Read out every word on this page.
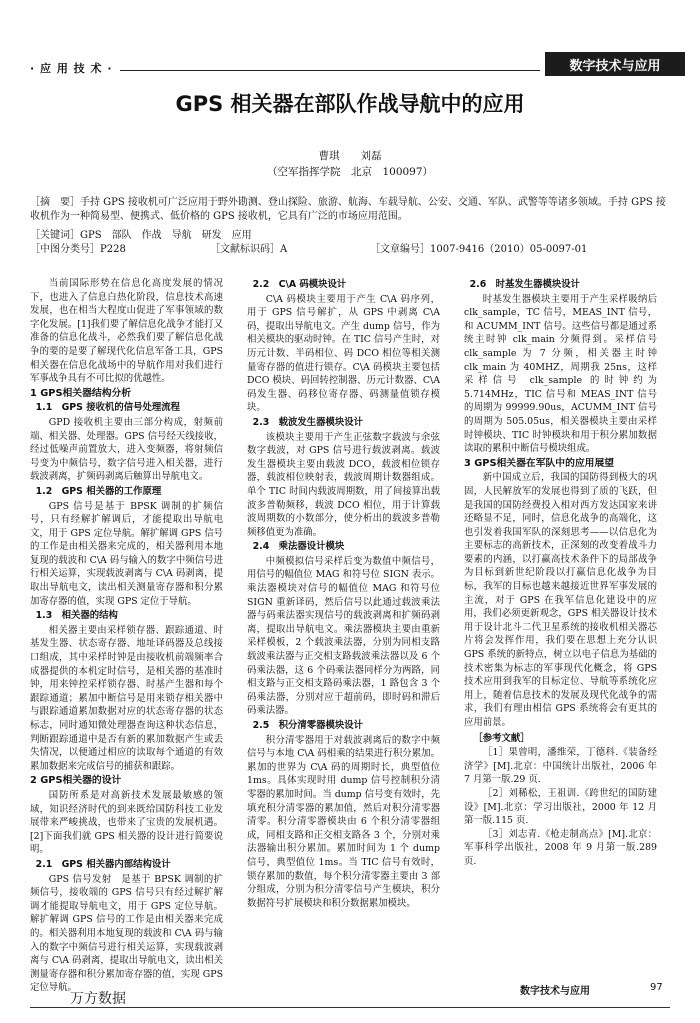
· 应 用 技 术 ·	数字技术与应用
GPS 相关器在部队作战导航中的应用
曹琪　　刘磊
（空军指挥学院　北京　100097）
［摘　要］手持 GPS 接收机可广泛应用于野外勘测、登山探险、旅游、航海、车载导航、公安、交通、军队、武警等等诸多领域。手持 GPS 接收机作为一种简易型、便携式、低价格的 GPS 接收机，它具有广泛的市场应用范围。
［关键词］GPS　部队　作战　导航　研发　应用
［中图分类号］P228	［文献标识码］A	［文章编号］1007-9416（2010）05-0097-01

当前国际形势在信息化高度发展的情况下，也进入了信息白热化阶段，信息技术高速发展，也在相当大程度山促进了军事领域的数字化发展。[1]我们要了解信息化战争才能打又准备的信息化战斗，必然我们要了解信息化战争的要的是要了解现代化信息军备工具，GPS 相关器在信息化战场中的导航作用对我们进行军事战争具有不可比拟的优越性。

1 GPS相关器结构分析
1.1　GPS 接收机的信号处理流程

GPD 接收机主要由三部分构成，射频前端、相关器、处理器。GPS 信号经天线接收，经过低噪声前置放大，进入变频器，将射频信号变为中频信号，数字信号进入相关器，进行载波剥离，扩频码剥离后触算出导航电文。

1.2　GPS 相关器的工作原理

GPS 信号是基于 BPSK 调制的扩频信号，只有经解扩解调后，才能提取出导航电文，用于 GPS 定位导航。解扩解调 GPS 信号的工作是由相关器来完成的，相关器利用本地复现的载波和 C\A 码与输入的数字中频信号进行相关运算，实现载波剥离与 C\A 码剥离，提取出导航电文，读出相关测量寄存器和积分累加寄存器的值，实现 GPS 定位于导航。

1.3　相关器的结构

相关器主要由采样锁存器、跟踪通道、时基发生器、状态寄存器、地址译码器及总线接口组成，其中采样时钟是由接收机前端频率合成器提供的本机定时信号，是相关器的基准时钟，用来钟控采样锁存器、时基产生器和每个跟踪通道；累加中断信号是用来锁存相关器中与跟踪通道累加数据对应的状态寄存器的状态标志，同时通知微处理器查询这种状态信息，判断跟踪通道中是否有新的累加数据产生或丢失情况，以便通过相应的读取每个通道的有效累加数据来完成信号的捕获和跟踪。

2 GPS相关器的设计

国防所系是对高新技术发展最敏感的领域，知识经济时代的到来既给国防科技工业发展带来严峻挑战，也带来了宝贵的发展机遇。[2]下面我们就 GPS 相关器的设计进行简要说明。

2.1　GPS 相关器内部结构设计

GPS 信号发射　是基于 BPSK 调制的扩频信号，接收端的 GPS 信号只有经过解扩解调才能提取导航电文，用于 GPS 定位导航。解扩解调 GPS 信号的工作是由相关器来完成的。相关器利用本地复现的载波和 C\A 码与输入的数字中频信号进行相关运算，实现载波剥离与 C\A 码剥离，提取出导航电文，读出相关测量寄存器和积分累加寄存器的值，实现 GPS 定位导航。

2.2　C\A 码模块设计

C\A 码模块主要用于产生 C\A 码序列，用于 GPS 信号解扩，从 GPS 中剥离 C\A 码，提取出导航电文。产生 dump 信号，作为相关模块的驱动时钟。在 TIC 信号产生时，对历元计数、半码相位、码 DCO 相位等相关测量寄存器的值进行锁存。C\A 码模块主要包括 DCO 模块、码回转控制器、历元计数器、C\A 码发生器、码移位寄存器、码测量值锁存模块。

2.3　载波发生器模块设计

该模块主要用于产生正弦数字载波与余弦数字载波，对 GPS 信号进行载波剥离。载波发生器模块主要由载波 DCO，载波相位锁存器，载波相位映射表，载波周期计数器组成。单个 TIC 时间内载波周期数，用了间接算出载波多普勒频移，载波 DCO 相位，用于计算载波周期数的小数部分，使分析出的载波多普勒频移值更为准确。

2.4　乘法器设计模块

中频模拟信号采样后变为数值中频信号，用信号的幅值位 MAG 和符号位 SIGN 表示。乘法器模块对信号的幅值位 MAG 和符号位 SIGN 重新译码，然后信号以此通过载波乘法器与码乘法器实现信号的载波剥离和扩频码剥离，提取出导航电文。乘法器模块主要由重新采样模板，2 个载波乘法器，分别为同相支路载波乘法器与正交相支路载波乘法器以及 6 个码乘法器，这 6 个码乘法器同样分为两路，同相支路与正交相支路码乘法器，1 路包含 3 个码乘法器，分别对应于超前码，即时码和滞后码乘法器。

2.5　积分清零器模块设计

积分清零器用于对载波剥离后的数字中频信号与本地 C\A 码相乘的结果进行积分累加。累加的世界为 C\A 码的周期时长，典型值位 1ms。具体实现时用 dump 信号控制积分清零器的累加时间。当 dump 信号变有效时，先填充积分清零器的累加值，然后对积分清零器清零。积分清零器模块由 6 个积分清零器组成，同相支路和正交相支路各 3 个，分别对乘法器输出积分累加。累加时间为 1 个 dump 信号，典型值位 1ms。当 TIC 信号有效时，锁存累加的数值，每个积分清零器主要由 3 部分组成，分别为积分清零信号产生模块，积分数据符号扩展模块和积分数据累加模块。

2.6　时基发生器模块设计

时基发生器模块主要用于产生采样吸纳后 clk_sample，TC 信号，MEAS_INT 信号，和 ACUMM_INT 信号。这些信号都是通过系统主时钟 clk_main 分频得到。采样信号 clk_sample 为 7 分频，相关器主时钟 clk_main 为 40MHZ，周期我 25ns，这样采样信号 clk_sample 的时钟约为 5.714MHz，TIC 信号和 MEAS_INT 信号的周期为 99999.90us，ACUMM_INT 信号的周期为 505.05us，相关器模块主要由采样时钟模块、TIC 时钟模块和用于积分累加数据读取的累积中断信号模块组成。

3 GPS相关器在军队中的应用展望

新中国成立后，我国的国防得到极大的巩固，人民解放军的发展也得到了质的飞跃，但是我国的国防经费投入相对西方发达国家来讲还略显不足，同时，信息化战争的高端化，这也引发着我国军队的深刻思考——以信息化为主要标志的高新技术，正深刻的改变着战斗力要素的内涵，以打赢高技术条件下的局部战争为目标到新世纪阶段以打赢信息化战争为目标，我军的目标也越来越接近世界军事发展的主流，对于 GPS 在我军信息化建设中的应用，我们必须更新观念，GPS 相关器设计技术用于设计北斗二代卫星系统的接收机相关器芯片将会发挥作用，我们要在思想上充分认识 GPS 系统的新特点，树立以电子信息为基础的技术密集为标志的军事现代化概念，将 GPS 技术应用到我军的目标定位、导航等系统化应用上，随着信息技术的发展及现代化战争的需求，我们有理由相信 GPS 系统将会有更其的应用前景。

［参考文献］

［1］果曾明，潘维荣，丁德科.《装备经济学》[M].北京：中国统计出版社，2006 年 7 月第一版.29 页.

［2］刘稀松，王祖训.《跨世纪的国防建设》[M].北京：学习出版社，2000 年 12 月第一版.115 页.

［3］刘志青.《枪走制高点》[M].北京：军事科学出版社，2008 年 9 月第一版.289 页.

数字技术与应用	97
万方数据
